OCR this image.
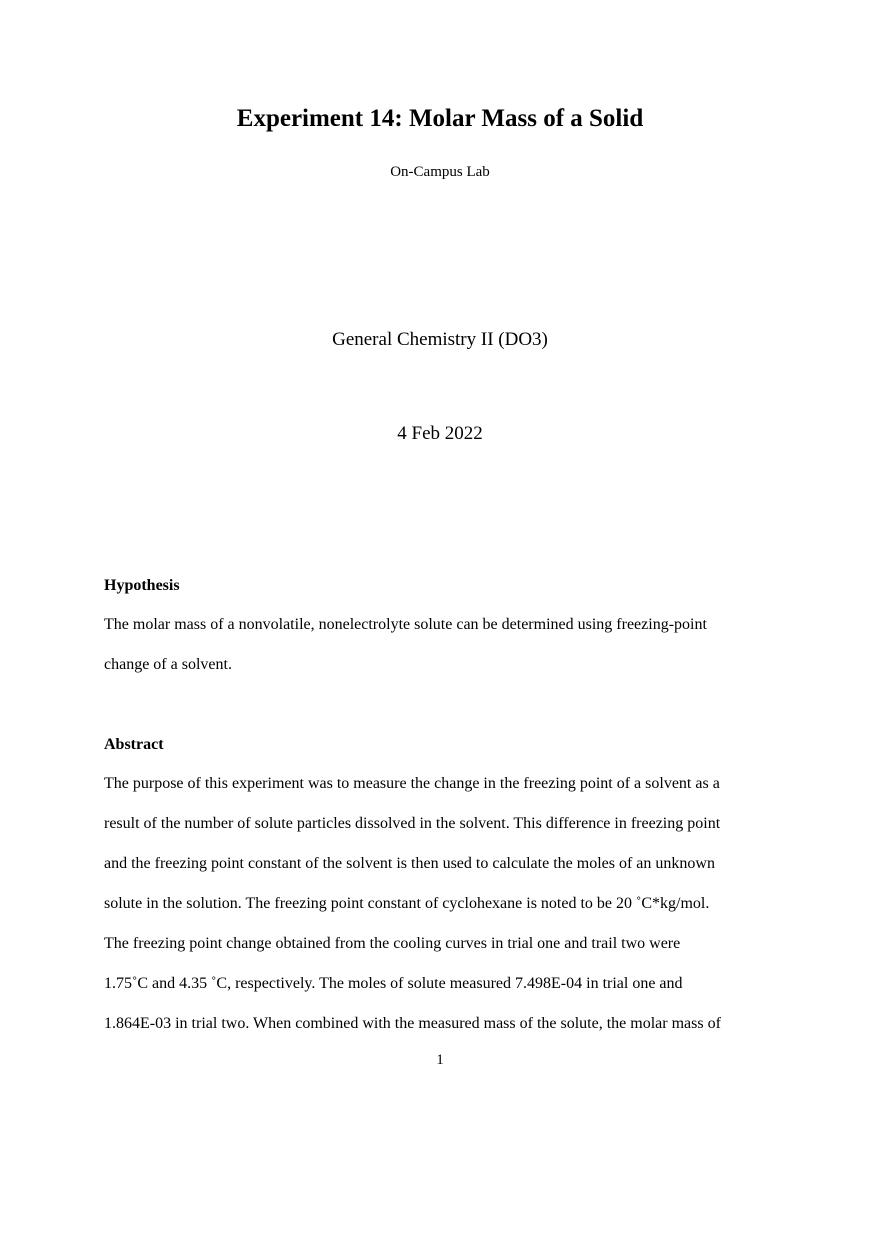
Experiment 14: Molar Mass of a Solid
On-Campus Lab
General Chemistry II (DO3)
4 Feb 2022
Hypothesis
The molar mass of a nonvolatile, nonelectrolyte solute can be determined using freezing-point
change of a solvent.
Abstract
The purpose of this experiment was to measure the change in the freezing point of a solvent as a
result of the number of solute particles dissolved in the solvent. This difference in freezing point
and the freezing point constant of the solvent is then used to calculate the moles of an unknown
solute in the solution. The freezing point constant of cyclohexane is noted to be 20 ˚C*kg/mol.
The freezing point change obtained from the cooling curves in trial one and trail two were
1.75˚C and 4.35 ˚C, respectively. The moles of solute measured 7.498E-04 in trial one and
1.864E-03 in trial two. When combined with the measured mass of the solute, the molar mass of
1
